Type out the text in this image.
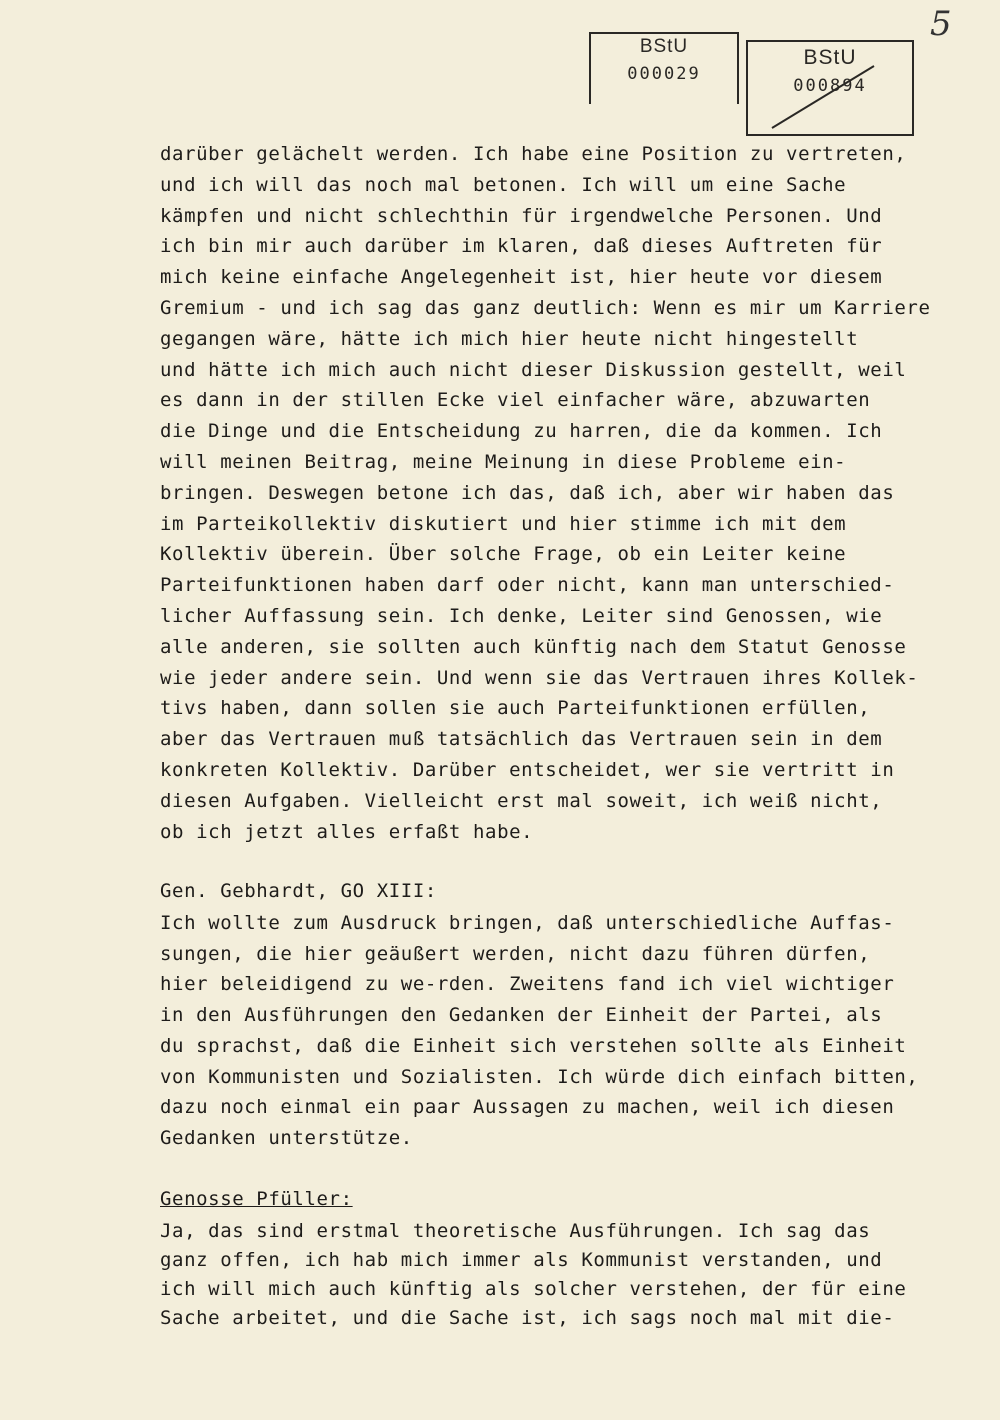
5
BStU
000029
BStU
000894
darüber gelächelt werden. Ich habe eine Position zu vertreten,
und ich will das noch mal betonen. Ich will um eine Sache
kämpfen und nicht schlechthin für irgendwelche Personen. Und
ich bin mir auch darüber im klaren, daß dieses Auftreten für
mich keine einfache Angelegenheit ist, hier heute vor diesem
Gremium - und ich sag das ganz deutlich: Wenn es mir um Karriere
gegangen wäre, hätte ich mich hier heute nicht hingestellt
und hätte ich mich auch nicht dieser Diskussion gestellt, weil
es dann in der stillen Ecke viel einfacher wäre, abzuwarten
die Dinge und die Entscheidung zu harren, die da kommen. Ich
will meinen Beitrag, meine Meinung in diese Probleme ein-
bringen. Deswegen betone ich das, daß ich, aber wir haben das
im Parteikollektiv diskutiert und hier stimme ich mit dem
Kollektiv überein. Über solche Frage, ob ein Leiter keine
Parteifunktionen haben darf oder nicht, kann man unterschied-
licher Auffassung sein. Ich denke, Leiter sind Genossen, wie
alle anderen, sie sollten auch künftig nach dem Statut Genosse
wie jeder andere sein. Und wenn sie das Vertrauen ihres Kollek-
tivs haben, dann sollen sie auch Parteifunktionen erfüllen,
aber das Vertrauen muß tatsächlich das Vertrauen sein in dem
konkreten Kollektiv. Darüber entscheidet, wer sie vertritt in
diesen Aufgaben. Vielleicht erst mal soweit, ich weiß nicht,
ob ich jetzt alles erfaßt habe.
Gen. Gebhardt, GO XIII:
Ich wollte zum Ausdruck bringen, daß unterschiedliche Auffas-
sungen, die hier geäußert werden, nicht dazu führen dürfen,
hier beleidigend zu we-rden. Zweitens fand ich viel wichtiger
in den Ausführungen den Gedanken der Einheit der Partei, als
du sprachst, daß die Einheit sich verstehen sollte als Einheit
von Kommunisten und Sozialisten. Ich würde dich einfach bitten,
dazu noch einmal ein paar Aussagen zu machen, weil ich diesen
Gedanken unterstütze.
Genosse Pfüller:
Ja, das sind erstmal theoretische Ausführungen. Ich sag das
ganz offen, ich hab mich immer als Kommunist verstanden, und
ich will mich auch künftig als solcher verstehen, der für eine
Sache arbeitet, und die Sache ist, ich sags noch mal mit die-
